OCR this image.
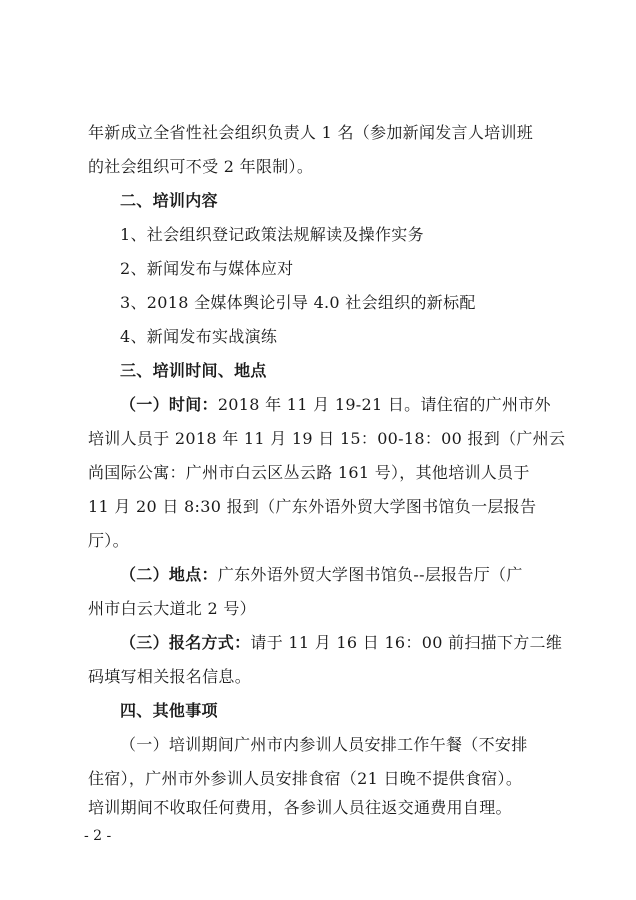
年新成立全省性社会组织负责人 1 名（参加新闻发言人培训班
的社会组织可不受 2 年限制）。
二、培训内容
1、社会组织登记政策法规解读及操作实务
2、新闻发布与媒体应对
3、2018 全媒体舆论引导 4.0 社会组织的新标配
4、新闻发布实战演练
三、培训时间、地点
（一）时间：2018 年 11 月 19-21 日。请住宿的广州市外
培训人员于 2018 年 11 月 19 日 15：00-18：00 报到（广州云
尚国际公寓：广州市白云区丛云路 161 号），其他培训人员于
11 月 20 日 8:30 报到（广东外语外贸大学图书馆负一层报告
厅）。
（二）地点：广东外语外贸大学图书馆负--层报告厅（广
州市白云大道北 2 号）
（三）报名方式：请于 11 月 16 日 16：00 前扫描下方二维
码填写相关报名信息。
四、其他事项
（一）培训期间广州市内参训人员安排工作午餐（不安排
住宿），广州市外参训人员安排食宿（21 日晚不提供食宿）。
培训期间不收取任何费用，各参训人员往返交通费用自理。
- 2 -
